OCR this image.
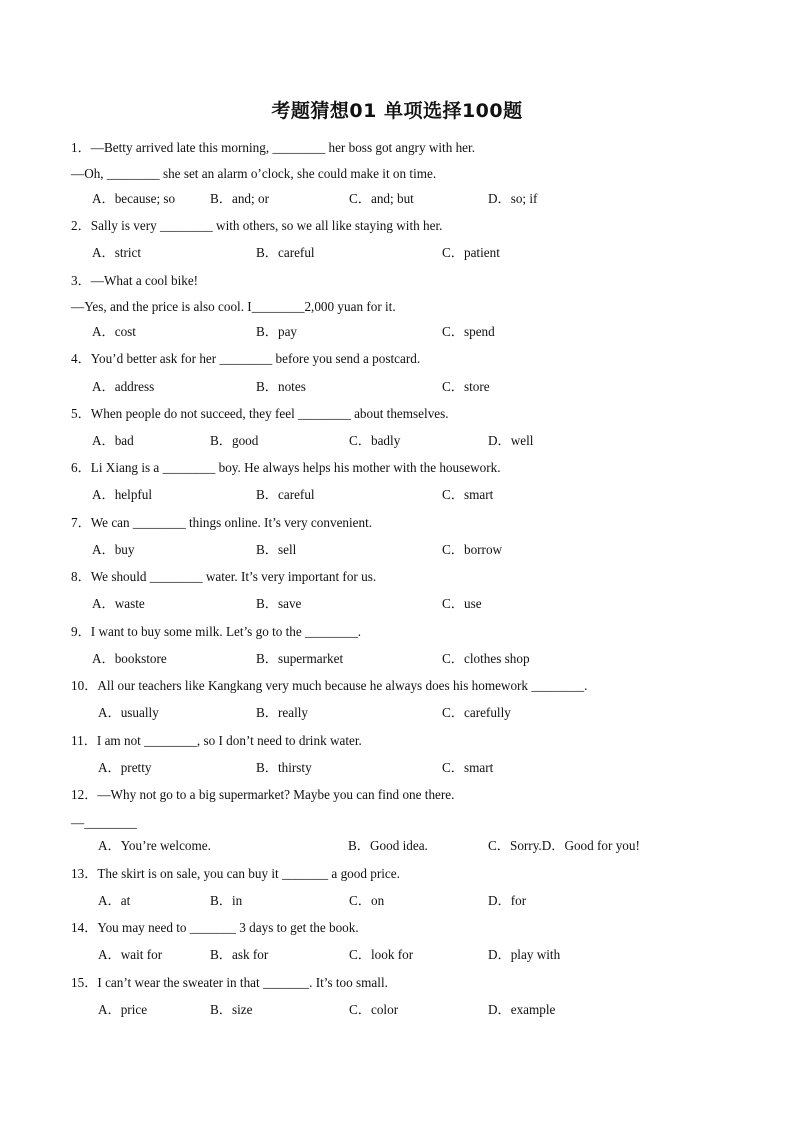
考题猜想01 单项选择100题
1．—Betty arrived late this morning, ________ her boss got angry with her.
—Oh, ________ she set an alarm o’clock, she could make it on time.
A．because; so	B．and; or	C．and; but	D．so; if
2．Sally is very ________ with others, so we all like staying with her.
A．strict	B．careful	C．patient
3．—What a cool bike!
—Yes, and the price is also cool. I________2,000 yuan for it.
A．cost	B．pay	C．spend
4．You’d better ask for her ________ before you send a postcard.
A．address	B．notes	C．store
5．When people do not succeed, they feel ________ about themselves.
A．bad	B．good	C．badly	D．well
6．Li Xiang is a ________ boy. He always helps his mother with the housework.
A．helpful	B．careful	C．smart
7．We can ________ things online. It’s very convenient.
A．buy	B．sell	C．borrow
8．We should ________ water. It’s very important for us.
A．waste	B．save	C．use
9．I want to buy some milk. Let’s go to the ________.
A．bookstore	B．supermarket	C．clothes shop
10．All our teachers like Kangkang very much because he always does his homework ________.
A．usually	B．really	C．carefully
11．I am not ________, so I don’t need to drink water.
A．pretty	B．thirsty	C．smart
12．—Why not go to a big supermarket? Maybe you can find one there.
—________
A．You’re welcome.	B．Good idea.	C．Sorry.D．Good for you!
13．The skirt is on sale, you can buy it _______ a good price.
A．at	B．in	C．on	D．for
14．You may need to _______ 3 days to get the book.
A．wait for	B．ask for	C．look for	D．play with
15．I can’t wear the sweater in that _______. It’s too small.
A．price	B．size	C．color	D．example
